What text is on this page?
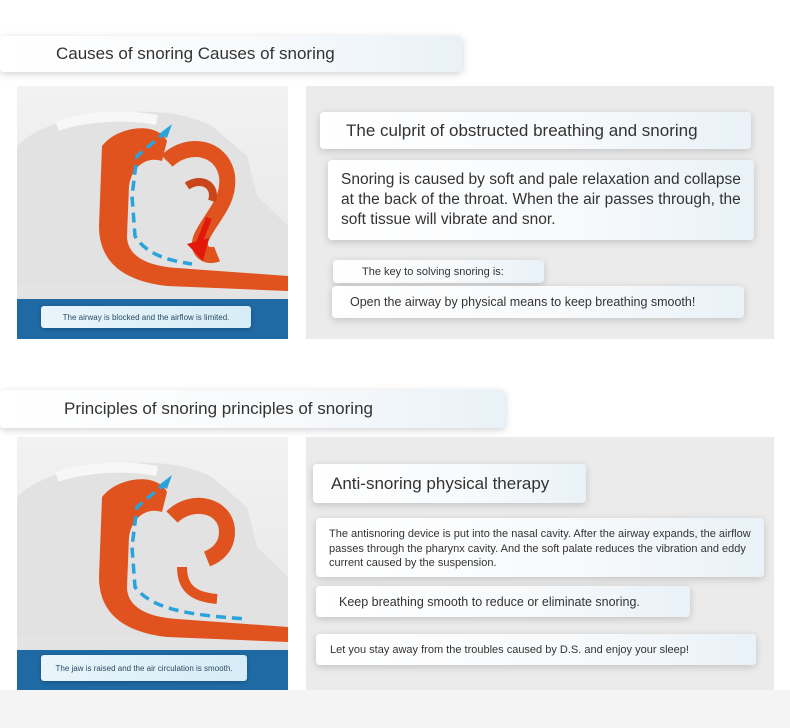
Causes of snoring Causes of snoring
The airway is blocked and the airflow is limited.
The culprit of obstructed breathing and snoring
Snoring is caused by soft and pale relaxation and collapse at the back of the throat. When the air passes through, the soft tissue will vibrate and snor.
The key to solving snoring is:
Open the airway by physical means to keep breathing smooth!
Principles of snoring principles of snoring
The jaw is raised and the air circulation is smooth.
Anti-snoring physical therapy
The antisnoring device is put into the nasal cavity. After the airway expands, the airflow passes through the pharynx cavity. And the soft palate reduces the vibration and eddy current caused by the suspension.
Keep breathing smooth to reduce or eliminate snoring.
Let you stay away from the troubles caused by D.S. and enjoy your sleep!
